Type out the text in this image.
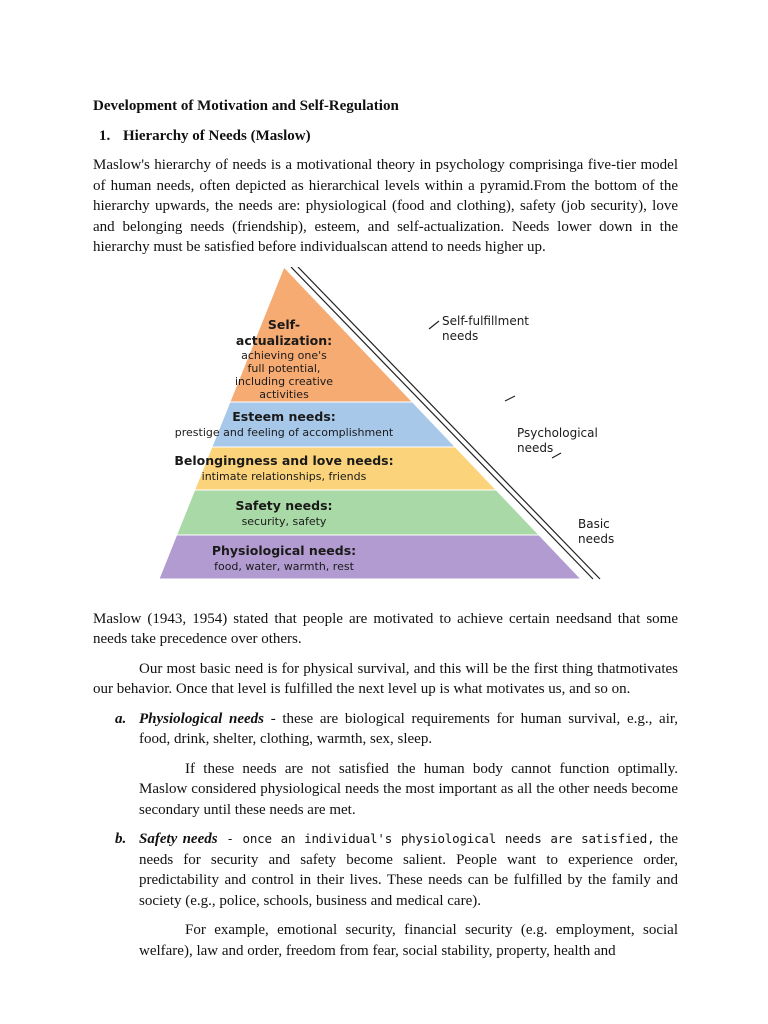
Development of Motivation and Self-Regulation
1. Hierarchy of Needs (Maslow)

Maslow's hierarchy of needs is a motivational theory in psychology comprisinga five-tier model of human needs, often depicted as hierarchical levels within a pyramid.From the bottom of the hierarchy upwards, the needs are: physiological (food and clothing), safety (job security), love and belonging needs (friendship), esteem, and self-actualization. Needs lower down in the hierarchy must be satisfied before individualscan attend to needs higher up.

Self-
actualization:
achieving one's
full potential,
including creative
activities
Esteem needs:
prestige and feeling of accomplishment
Belongingness and love needs:
intimate relationships, friends
Safety needs:
security, safety
Physiological needs:
food, water, warmth, rest
Self-fulfillment
needs
Psychological
needs
Basic
needs

Maslow (1943, 1954) stated that people are motivated to achieve certain needsand that some needs take precedence over others.

Our most basic need is for physical survival, and this will be the first thing thatmotivates our behavior. Once that level is fulfilled the next level up is what motivates us, and so on.

a. Physiological needs - these are biological requirements for human survival, e.g., air, food, drink, shelter, clothing, warmth, sex, sleep.
If these needs are not satisfied the human body cannot function optimally. Maslow considered physiological needs the most important as all the other needs become secondary until these needs are met.
b. Safety needs - once an individual's physiological needs are satisfied, the needs for security and safety become salient. People want to experience order, predictability and control in their lives. These needs can be fulfilled by the family and society (e.g., police, schools, business and medical care).
For example, emotional security, financial security (e.g. employment, social welfare), law and order, freedom from fear, social stability, property, health and
